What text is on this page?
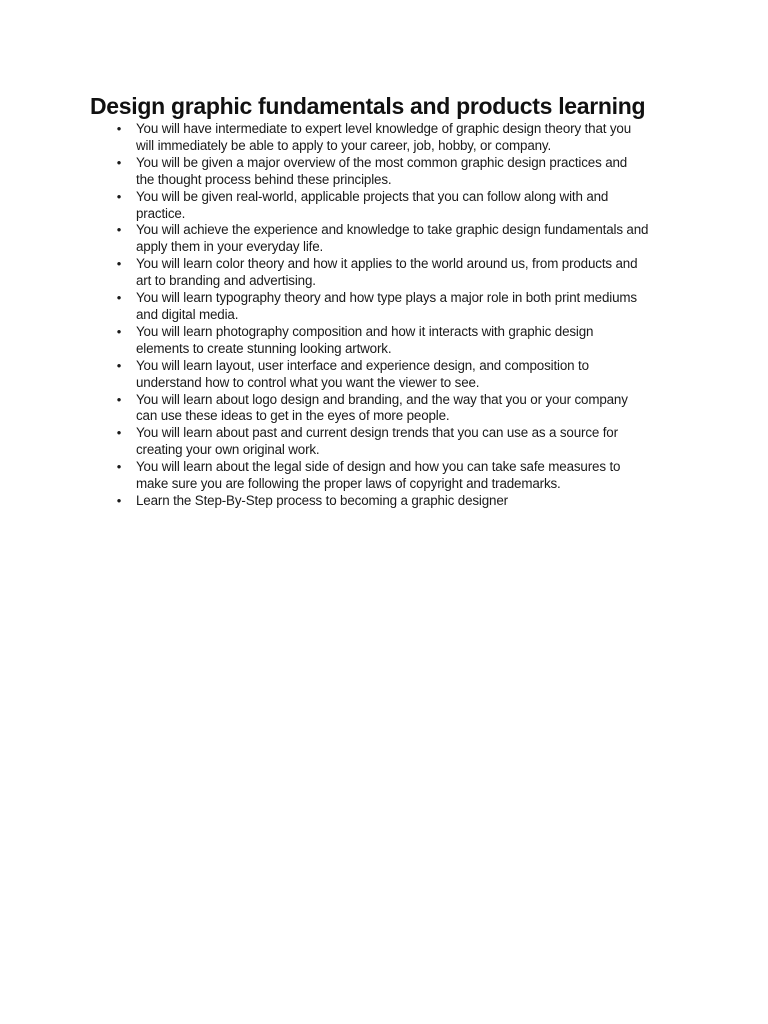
Design graphic fundamentals and products learning
• You will have intermediate to expert level knowledge of graphic design theory that you
will immediately be able to apply to your career, job, hobby, or company.
• You will be given a major overview of the most common graphic design practices and
the thought process behind these principles.
• You will be given real-world, applicable projects that you can follow along with and
practice.
• You will achieve the experience and knowledge to take graphic design fundamentals and
apply them in your everyday life.
• You will learn color theory and how it applies to the world around us, from products and
art to branding and advertising.
• You will learn typography theory and how type plays a major role in both print mediums
and digital media.
• You will learn photography composition and how it interacts with graphic design
elements to create stunning looking artwork.
• You will learn layout, user interface and experience design, and composition to
understand how to control what you want the viewer to see.
• You will learn about logo design and branding, and the way that you or your company
can use these ideas to get in the eyes of more people.
• You will learn about past and current design trends that you can use as a source for
creating your own original work.
• You will learn about the legal side of design and how you can take safe measures to
make sure you are following the proper laws of copyright and trademarks.
• Learn the Step-By-Step process to becoming a graphic designer
